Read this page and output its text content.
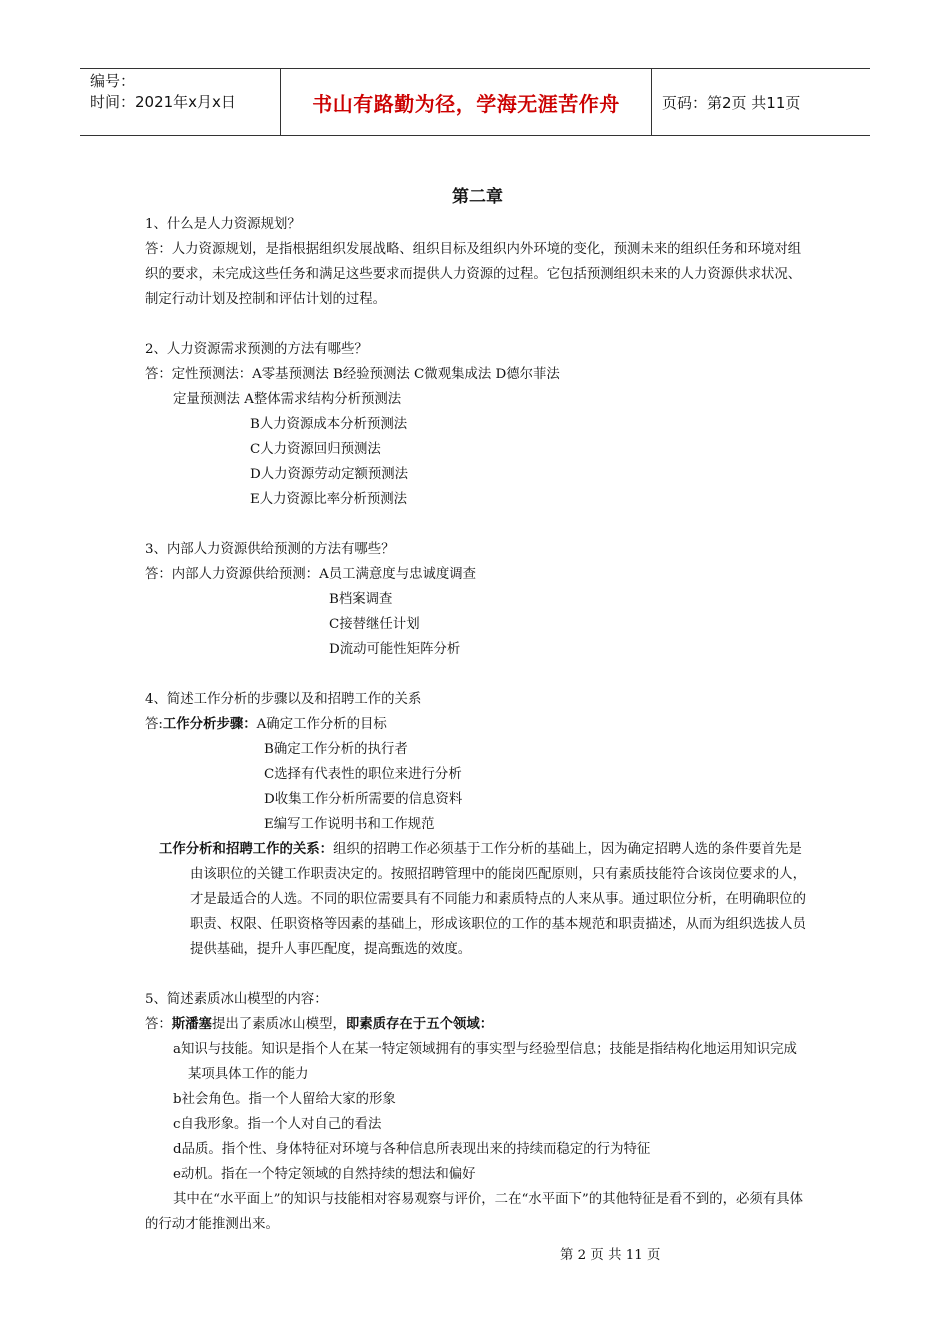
编号：
时间：2021年x月x日	书山有路勤为径，学海无涯苦作舟	页码：第2页 共11页
第二章
1、什么是人力资源规划？
答：人力资源规划，是指根据组织发展战略、组织目标及组织内外环境的变化，预测未来的组织任务和环境对组织的要求，未完成这些任务和满足这些要求而提供人力资源的过程。它包括预测组织未来的人力资源供求状况、制定行动计划及控制和评估计划的过程。
2、人力资源需求预测的方法有哪些？
答：定性预测法：A零基预测法 B经验预测法 C微观集成法 D德尔菲法
定量预测法 A整体需求结构分析预测法
B人力资源成本分析预测法
C人力资源回归预测法
D人力资源劳动定额预测法
E人力资源比率分析预测法
3、内部人力资源供给预测的方法有哪些？
答：内部人力资源供给预测：A员工满意度与忠诚度调查
B档案调查
C接替继任计划
D流动可能性矩阵分析
4、简述工作分析的步骤以及和招聘工作的关系
答:工作分析步骤：A确定工作分析的目标
B确定工作分析的执行者
C选择有代表性的职位来进行分析
D收集工作分析所需要的信息资料
E编写工作说明书和工作规范
工作分析和招聘工作的关系：组织的招聘工作必须基于工作分析的基础上，因为确定招聘人选的条件要首先是由该职位的关键工作职责决定的。按照招聘管理中的能岗匹配原则，只有素质技能符合该岗位要求的人，才是最适合的人选。不同的职位需要具有不同能力和素质特点的人来从事。通过职位分析，在明确职位的职责、权限、任职资格等因素的基础上，形成该职位的工作的基本规范和职责描述，从而为组织选拔人员提供基础，提升人事匹配度，提高甄选的效度。
5、简述素质冰山模型的内容：
答：斯潘塞提出了素质冰山模型，即素质存在于五个领域：
a知识与技能。知识是指个人在某一特定领域拥有的事实型与经验型信息；技能是指结构化地运用知识完成某项具体工作的能力
b社会角色。指一个人留给大家的形象
c自我形象。指一个人对自己的看法
d品质。指个性、身体特征对环境与各种信息所表现出来的持续而稳定的行为特征
e动机。指在一个特定领域的自然持续的想法和偏好
其中在“水平面上”的知识与技能相对容易观察与评价，二在“水平面下”的其他特征是看不到的，必须有具体的行动才能推测出来。
第 2 页 共 11 页
